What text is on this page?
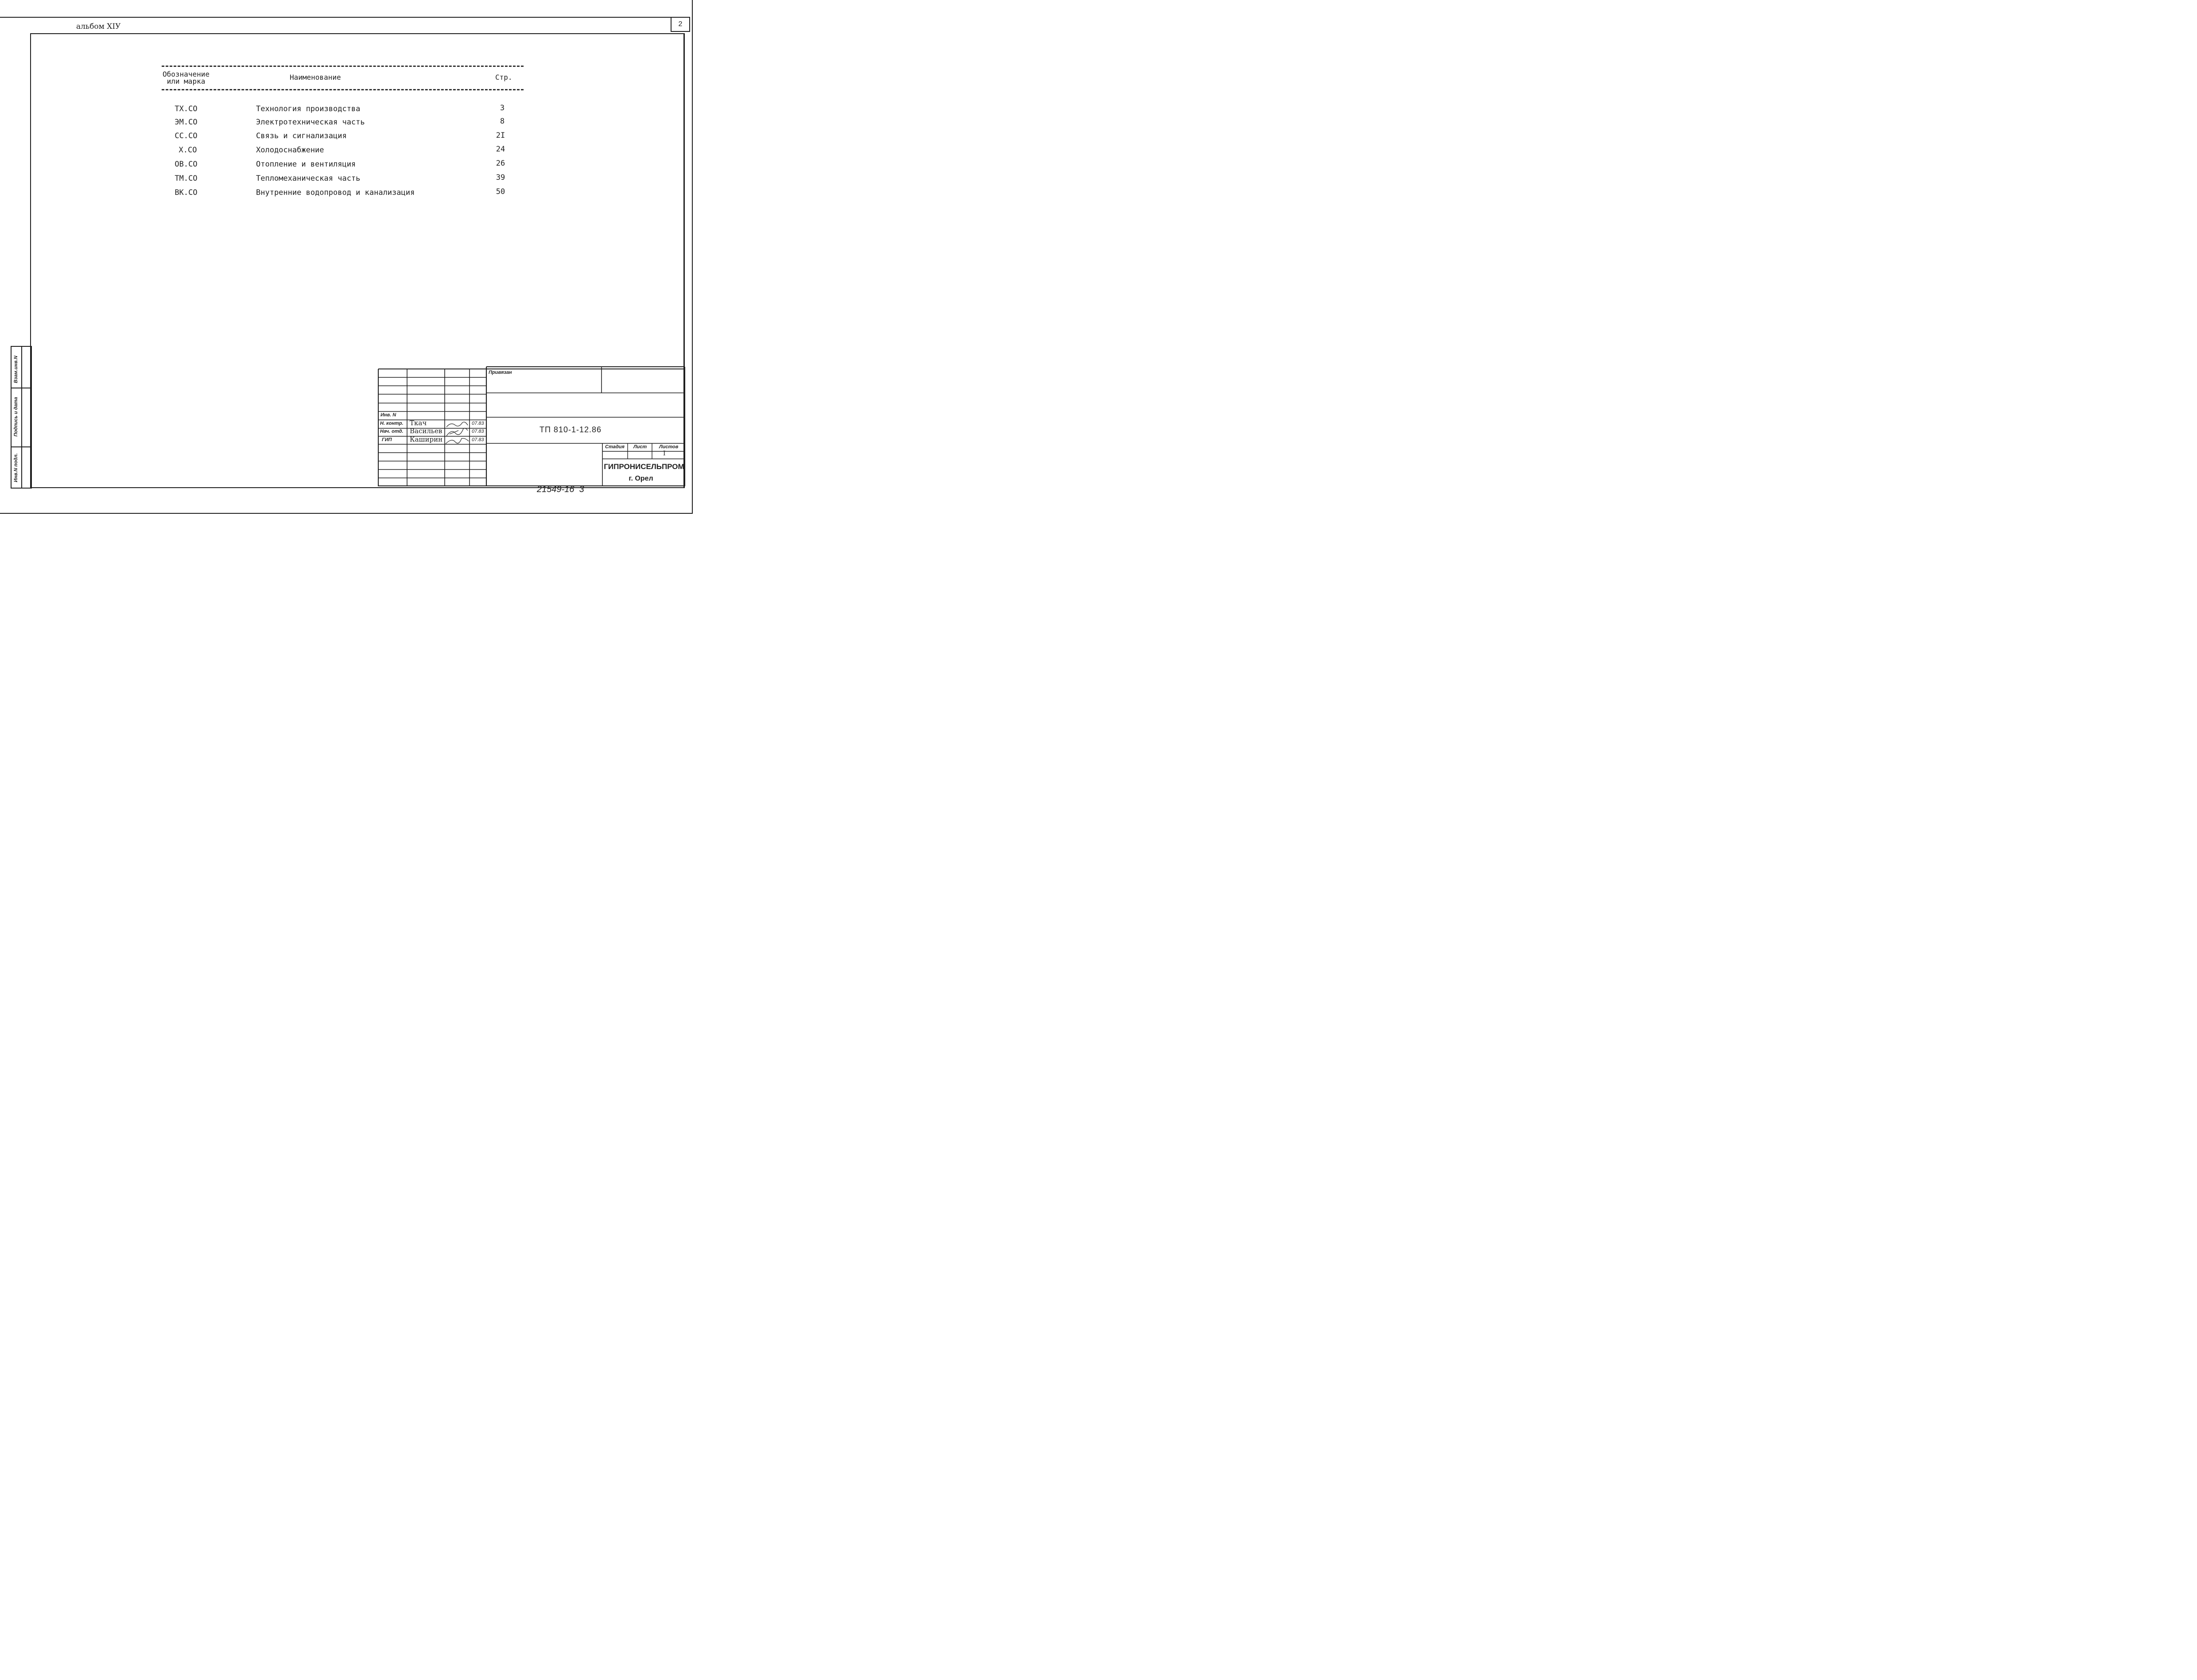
альбом XIУ	2
Обозначение
или марка	Наименование	Стр.
ТХ.СО	Технология производства	3
ЭМ.СО	Электротехническая часть	8
СС.СО	Связь и сигнализация	2I
Х.СО	Холодоснабжение	24
ОВ.СО	Отопление и вентиляция	26
ТМ.СО	Тепломеханическая часть	39
ВК.СО	Внутренние водопровод и канализация	50
Взам.инв.N
Подпись и дата
Инв.N подл.
Привязан
Инв. N
Н. контр. Ткач	07.83
Нач. отд. Васильев	07.83
ГИП	Каширин	07.83
ТП 810-1-12.86
Стадия Лист	Листов
I
ГИПРОНИСЕЛЬПРОМ
г. Орел
21549-16  3
